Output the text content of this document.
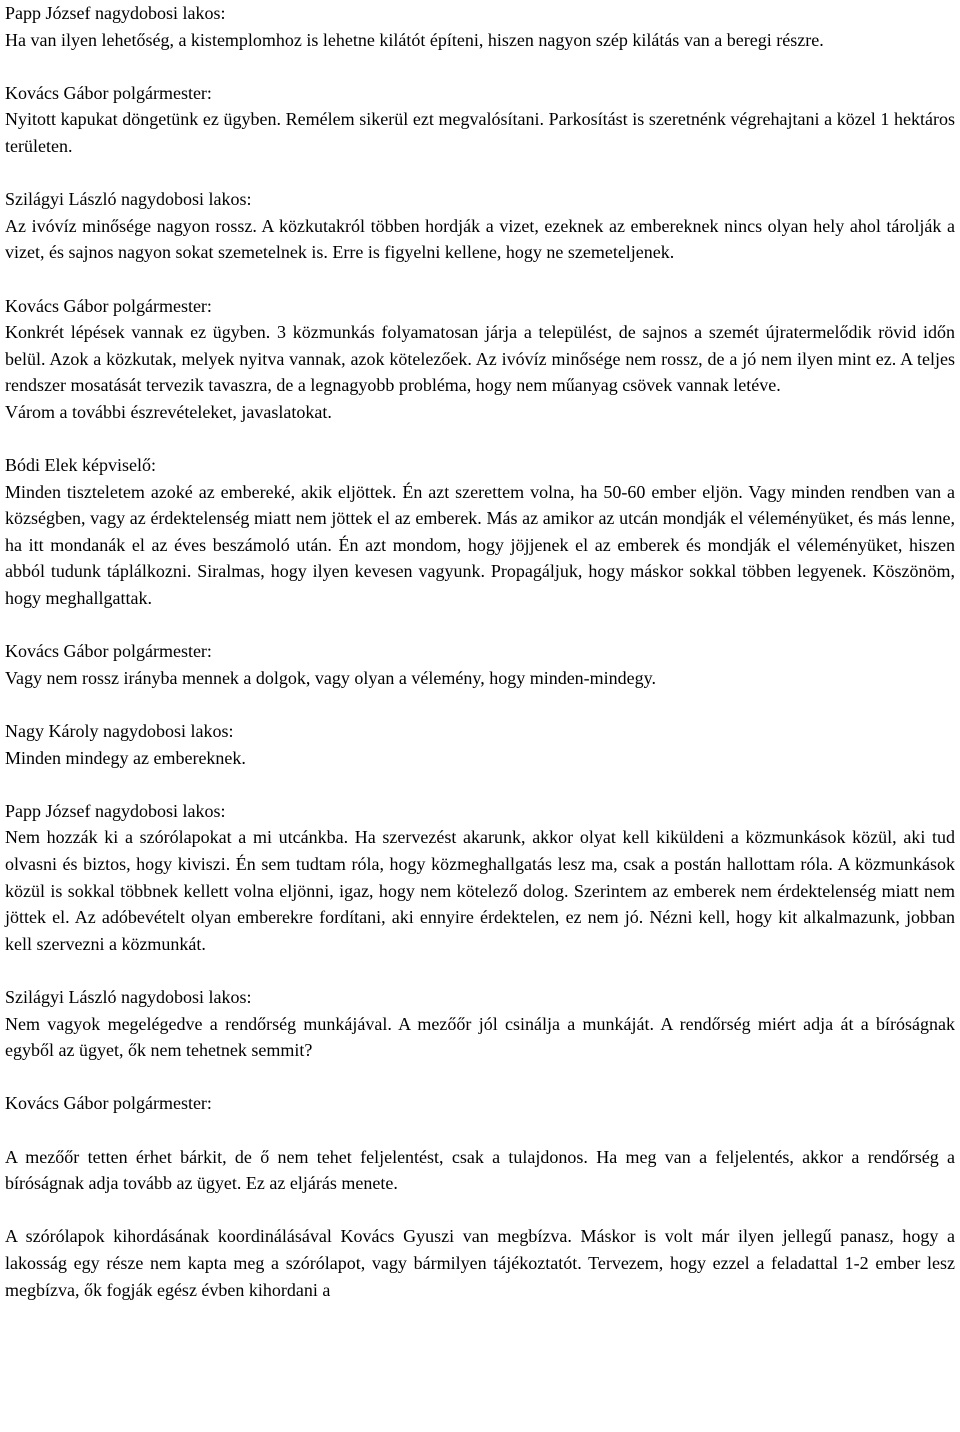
Papp József nagydobosi lakos:
Ha van ilyen lehetőség, a kistemplomhoz is lehetne kilátót építeni, hiszen nagyon szép kilátás van a beregi részre.
Kovács Gábor polgármester:
Nyitott kapukat döngetünk ez ügyben. Remélem sikerül ezt megvalósítani. Parkosítást is szeretnénk végrehajtani a közel 1 hektáros területen.
Szilágyi László nagydobosi lakos:
Az ivóvíz minősége nagyon rossz. A közkutakról többen hordják a vizet, ezeknek az embereknek nincs olyan hely ahol tárolják a vizet, és sajnos nagyon sokat szemetelnek is. Erre is figyelni kellene, hogy ne szemeteljenek.
Kovács Gábor polgármester:
Konkrét lépések vannak ez ügyben. 3 közmunkás folyamatosan járja a települést, de sajnos a szemét újratermelődik rövid időn belül. Azok a közkutak, melyek nyitva vannak, azok kötelezőek. Az ivóvíz minősége nem rossz, de a jó nem ilyen mint ez. A teljes rendszer mosatását tervezik tavaszra, de a legnagyobb probléma, hogy nem műanyag csövek vannak letéve.
Várom a további észrevételeket, javaslatokat.
Bódi Elek képviselő:
Minden tiszteletem azoké az embereké, akik eljöttek. Én azt szerettem volna, ha 50-60 ember eljön. Vagy minden rendben van a községben, vagy az érdektelenség miatt nem jöttek el az emberek. Más az amikor az utcán mondják el véleményüket, és más lenne, ha itt mondanák el az éves beszámoló után. Én azt mondom, hogy jöjjenek el az emberek és mondják el véleményüket, hiszen abból tudunk táplálkozni. Siralmas, hogy ilyen kevesen vagyunk. Propagáljuk, hogy máskor sokkal többen legyenek. Köszönöm, hogy meghallgattak.
Kovács Gábor polgármester:
Vagy nem rossz irányba mennek a dolgok, vagy olyan a vélemény, hogy minden-mindegy.
Nagy Károly nagydobosi lakos:
Minden mindegy az embereknek.
Papp József nagydobosi lakos:
Nem hozzák ki a szórólapokat a mi utcánkba. Ha szervezést akarunk, akkor olyat kell kiküldeni a közmunkások közül, aki tud olvasni és biztos, hogy kiviszi. Én sem tudtam róla, hogy közmeghallgatás lesz ma, csak a postán hallottam róla. A közmunkások közül is sokkal többnek kellett volna eljönni, igaz, hogy nem kötelező dolog. Szerintem az emberek nem érdektelenség miatt nem jöttek el. Az adóbevételt olyan emberekre fordítani, aki ennyire érdektelen, ez nem jó. Nézni kell, hogy kit alkalmazunk, jobban kell szervezni a közmunkát.
Szilágyi László nagydobosi lakos:
Nem vagyok megelégedve a rendőrség munkájával. A mezőőr jól csinálja a munkáját. A rendőrség miért adja át a bíróságnak egyből az ügyet, ők nem tehetnek semmit?
Kovács Gábor polgármester:
A mezőőr tetten érhet bárkit, de ő nem tehet feljelentést, csak a tulajdonos. Ha meg van a feljelentés, akkor a rendőrség a bíróságnak adja tovább az ügyet. Ez az eljárás menete.
A szórólapok kihordásának koordinálásával Kovács Gyuszi van megbízva. Máskor is volt már ilyen jellegű panasz, hogy a lakosság egy része nem kapta meg a szórólapot, vagy bármilyen tájékoztatót. Tervezem, hogy ezzel a feladattal 1-2 ember lesz megbízva, ők fogják egész évben kihordani a
